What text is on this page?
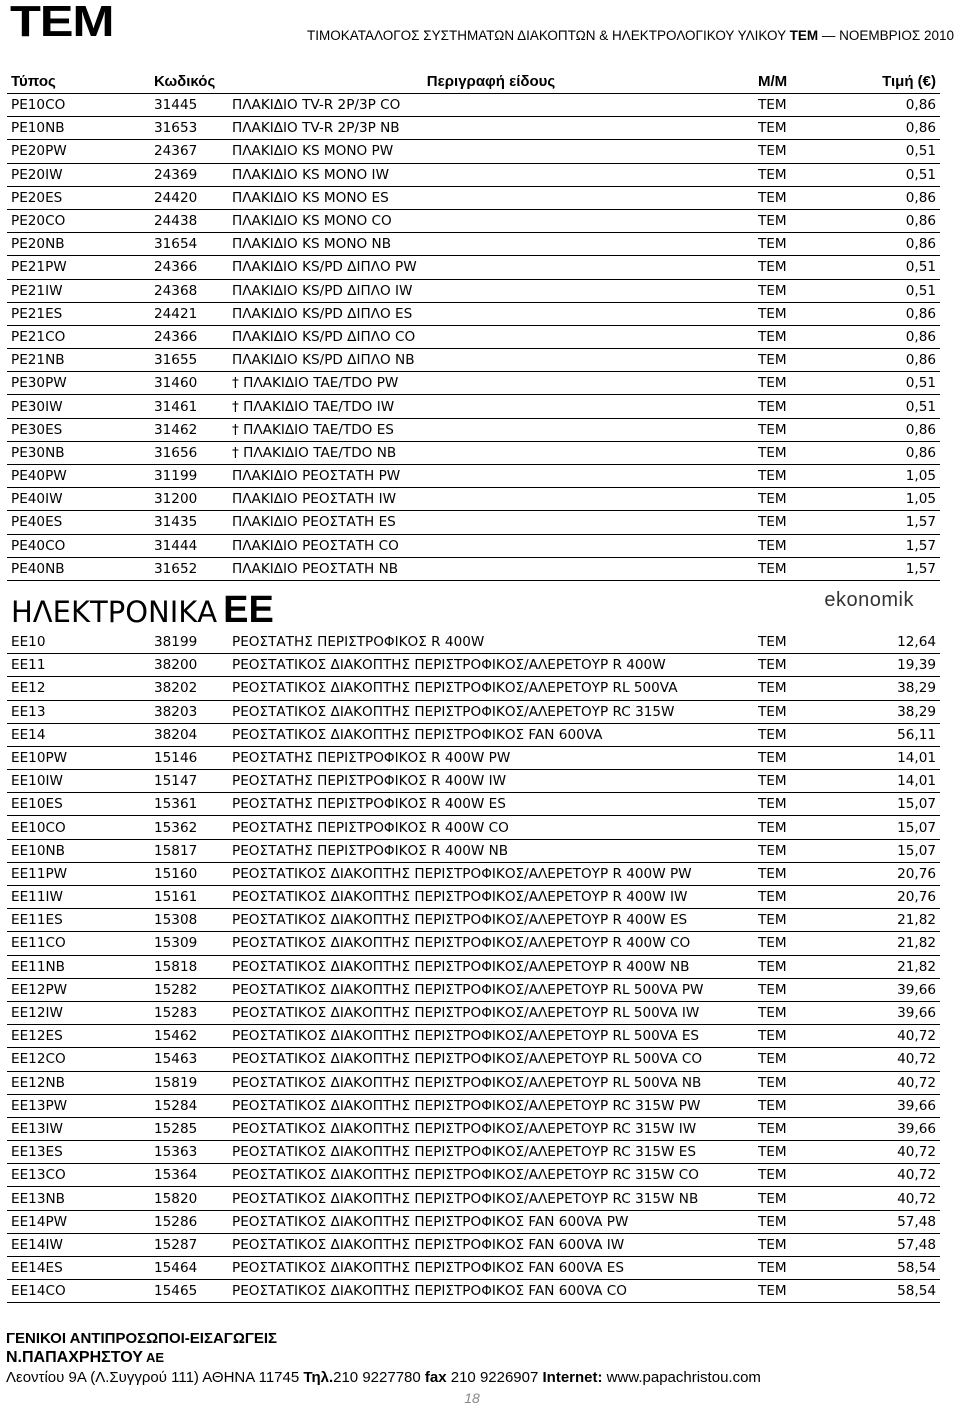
TEM	ΤΙΜΟΚΑΤΑΛΟΓΟΣ ΣΥΣΤΗΜΑΤΩΝ ΔΙΑΚΟΠΤΩΝ & ΗΛΕΚΤΡΟΛΟΓΙΚΟΥ ΥΛΙΚΟΥ TEM — ΝΟΕΜΒΡΙΟΣ 2010
Τύπος	Κωδικός	Περιγραφή είδους	Μ/Μ	Τιμή (€)
PE10CO	31445	ΠΛΑΚΙΔΙΟ TV-R 2P/3P CO	TEM	0,86
PE10NB	31653	ΠΛΑΚΙΔΙΟ TV-R 2P/3P NB	TEM	0,86
PE20PW	24367	ΠΛΑΚΙΔΙΟ KS ΜΟΝΟ PW	TEM	0,51
PE20IW	24369	ΠΛΑΚΙΔΙΟ KS ΜΟΝΟ IW	TEM	0,51
PE20ES	24420	ΠΛΑΚΙΔΙΟ KS ΜΟΝΟ ES	TEM	0,86
PE20CO	24438	ΠΛΑΚΙΔΙΟ KS ΜΟΝΟ CO	TEM	0,86
PE20NB	31654	ΠΛΑΚΙΔΙΟ KS ΜΟΝΟ NB	TEM	0,86
PE21PW	24366	ΠΛΑΚΙΔΙΟ KS/PD ΔΙΠΛΟ PW	TEM	0,51
PE21IW	24368	ΠΛΑΚΙΔΙΟ KS/PD ΔΙΠΛΟ IW	TEM	0,51
PE21ES	24421	ΠΛΑΚΙΔΙΟ KS/PD ΔΙΠΛΟ ES	TEM	0,86
PE21CO	24366	ΠΛΑΚΙΔΙΟ KS/PD ΔΙΠΛΟ CO	TEM	0,86
PE21NB	31655	ΠΛΑΚΙΔΙΟ KS/PD ΔΙΠΛΟ NB	TEM	0,86
PE30PW	31460	† ΠΛΑΚΙΔΙΟ TAE/TDO PW	TEM	0,51
PE30IW	31461	† ΠΛΑΚΙΔΙΟ TAE/TDO IW	TEM	0,51
PE30ES	31462	† ΠΛΑΚΙΔΙΟ TAE/TDO ES	TEM	0,86
PE30NB	31656	† ΠΛΑΚΙΔΙΟ TAE/TDO NB	TEM	0,86
PE40PW	31199	ΠΛΑΚΙΔΙΟ ΡΕΟΣΤΑΤΗ PW	TEM	1,05
PE40IW	31200	ΠΛΑΚΙΔΙΟ ΡΕΟΣΤΑΤΗ IW	TEM	1,05
PE40ES	31435	ΠΛΑΚΙΔΙΟ ΡΕΟΣΤΑΤΗ ES	TEM	1,57
PE40CO	31444	ΠΛΑΚΙΔΙΟ ΡΕΟΣΤΑΤΗ CO	TEM	1,57
PE40NB	31652	ΠΛΑΚΙΔΙΟ ΡΕΟΣΤΑΤΗ NB	TEM	1,57

ΗΛΕΚΤΡΟΝΙΚΑ EE ekonomik				

EE10	38199	ΡΕΟΣΤΑΤΗΣ ΠΕΡΙΣΤΡΟΦΙΚΟΣ R 400W	TEM	12,64
EE11	38200	ΡΕΟΣΤΑΤΙΚΟΣ ΔΙΑΚΟΠΤΗΣ ΠΕΡΙΣΤΡΟΦΙΚΟΣ/ΑΛΕΡΕΤΟΥΡ R 400W	TEM	19,39
EE12	38202	ΡΕΟΣΤΑΤΙΚΟΣ ΔΙΑΚΟΠΤΗΣ ΠΕΡΙΣΤΡΟΦΙΚΟΣ/ΑΛΕΡΕΤΟΥΡ RL 500VA	TEM	38,29
EE13	38203	ΡΕΟΣΤΑΤΙΚΟΣ ΔΙΑΚΟΠΤΗΣ ΠΕΡΙΣΤΡΟΦΙΚΟΣ/ΑΛΕΡΕΤΟΥΡ RC 315W	TEM	38,29
EE14	38204	ΡΕΟΣΤΑΤΙΚΟΣ ΔΙΑΚΟΠΤΗΣ ΠΕΡΙΣΤΡΟΦΙΚΟΣ FAN 600VA	TEM	56,11
EE10PW	15146	ΡΕΟΣΤΑΤΗΣ ΠΕΡΙΣΤΡΟΦΙΚΟΣ R 400W PW	TEM	14,01
EE10IW	15147	ΡΕΟΣΤΑΤΗΣ ΠΕΡΙΣΤΡΟΦΙΚΟΣ R 400W IW	TEM	14,01
EE10ES	15361	ΡΕΟΣΤΑΤΗΣ ΠΕΡΙΣΤΡΟΦΙΚΟΣ R 400W ES	TEM	15,07
EE10CO	15362	ΡΕΟΣΤΑΤΗΣ ΠΕΡΙΣΤΡΟΦΙΚΟΣ R 400W CO	TEM	15,07
EE10NB	15817	ΡΕΟΣΤΑΤΗΣ ΠΕΡΙΣΤΡΟΦΙΚΟΣ R 400W NB	TEM	15,07
EE11PW	15160	ΡΕΟΣΤΑΤΙΚΟΣ ΔΙΑΚΟΠΤΗΣ ΠΕΡΙΣΤΡΟΦΙΚΟΣ/ΑΛΕΡΕΤΟΥΡ R 400W PW	TEM	20,76
EE11IW	15161	ΡΕΟΣΤΑΤΙΚΟΣ ΔΙΑΚΟΠΤΗΣ ΠΕΡΙΣΤΡΟΦΙΚΟΣ/ΑΛΕΡΕΤΟΥΡ R 400W IW	TEM	20,76
EE11ES	15308	ΡΕΟΣΤΑΤΙΚΟΣ ΔΙΑΚΟΠΤΗΣ ΠΕΡΙΣΤΡΟΦΙΚΟΣ/ΑΛΕΡΕΤΟΥΡ R 400W ES	TEM	21,82
EE11CO	15309	ΡΕΟΣΤΑΤΙΚΟΣ ΔΙΑΚΟΠΤΗΣ ΠΕΡΙΣΤΡΟΦΙΚΟΣ/ΑΛΕΡΕΤΟΥΡ R 400W CO	TEM	21,82
EE11NB	15818	ΡΕΟΣΤΑΤΙΚΟΣ ΔΙΑΚΟΠΤΗΣ ΠΕΡΙΣΤΡΟΦΙΚΟΣ/ΑΛΕΡΕΤΟΥΡ R 400W NB	TEM	21,82
EE12PW	15282	ΡΕΟΣΤΑΤΙΚΟΣ ΔΙΑΚΟΠΤΗΣ ΠΕΡΙΣΤΡΟΦΙΚΟΣ/ΑΛΕΡΕΤΟΥΡ RL 500VA PW	TEM	39,66
EE12IW	15283	ΡΕΟΣΤΑΤΙΚΟΣ ΔΙΑΚΟΠΤΗΣ ΠΕΡΙΣΤΡΟΦΙΚΟΣ/ΑΛΕΡΕΤΟΥΡ RL 500VA IW	TEM	39,66
EE12ES	15462	ΡΕΟΣΤΑΤΙΚΟΣ ΔΙΑΚΟΠΤΗΣ ΠΕΡΙΣΤΡΟΦΙΚΟΣ/ΑΛΕΡΕΤΟΥΡ RL 500VA ES	TEM	40,72
EE12CO	15463	ΡΕΟΣΤΑΤΙΚΟΣ ΔΙΑΚΟΠΤΗΣ ΠΕΡΙΣΤΡΟΦΙΚΟΣ/ΑΛΕΡΕΤΟΥΡ RL 500VA CO	TEM	40,72
EE12NB	15819	ΡΕΟΣΤΑΤΙΚΟΣ ΔΙΑΚΟΠΤΗΣ ΠΕΡΙΣΤΡΟΦΙΚΟΣ/ΑΛΕΡΕΤΟΥΡ RL 500VA NB	TEM	40,72
EE13PW	15284	ΡΕΟΣΤΑΤΙΚΟΣ ΔΙΑΚΟΠΤΗΣ ΠΕΡΙΣΤΡΟΦΙΚΟΣ/ΑΛΕΡΕΤΟΥΡ RC 315W PW	TEM	39,66
EE13IW	15285	ΡΕΟΣΤΑΤΙΚΟΣ ΔΙΑΚΟΠΤΗΣ ΠΕΡΙΣΤΡΟΦΙΚΟΣ/ΑΛΕΡΕΤΟΥΡ RC 315W IW	TEM	39,66
EE13ES	15363	ΡΕΟΣΤΑΤΙΚΟΣ ΔΙΑΚΟΠΤΗΣ ΠΕΡΙΣΤΡΟΦΙΚΟΣ/ΑΛΕΡΕΤΟΥΡ RC 315W ES	TEM	40,72
EE13CO	15364	ΡΕΟΣΤΑΤΙΚΟΣ ΔΙΑΚΟΠΤΗΣ ΠΕΡΙΣΤΡΟΦΙΚΟΣ/ΑΛΕΡΕΤΟΥΡ RC 315W CO	TEM	40,72
EE13NB	15820	ΡΕΟΣΤΑΤΙΚΟΣ ΔΙΑΚΟΠΤΗΣ ΠΕΡΙΣΤΡΟΦΙΚΟΣ/ΑΛΕΡΕΤΟΥΡ RC 315W NB	TEM	40,72
EE14PW	15286	ΡΕΟΣΤΑΤΙΚΟΣ ΔΙΑΚΟΠΤΗΣ ΠΕΡΙΣΤΡΟΦΙΚΟΣ FAN 600VA PW	TEM	57,48
EE14IW	15287	ΡΕΟΣΤΑΤΙΚΟΣ ΔΙΑΚΟΠΤΗΣ ΠΕΡΙΣΤΡΟΦΙΚΟΣ FAN 600VA IW	TEM	57,48
EE14ES	15464	ΡΕΟΣΤΑΤΙΚΟΣ ΔΙΑΚΟΠΤΗΣ ΠΕΡΙΣΤΡΟΦΙΚΟΣ FAN 600VA ES	TEM	58,54
EE14CO	15465	ΡΕΟΣΤΑΤΙΚΟΣ ΔΙΑΚΟΠΤΗΣ ΠΕΡΙΣΤΡΟΦΙΚΟΣ FAN 600VA CO	TEM	58,54
ΓΕΝΙΚΟΙ ΑΝΤΙΠΡΟΣΩΠΟΙ-ΕΙΣΑΓΩΓΕΙΣ
Ν.ΠΑΠΑΧΡΗΣΤΟΥ ΑΕ
Λεοντίου 9Α (Λ.Συγγρού 111) ΑΘΗΝΑ 11745 Τηλ.210 9227780 fax 210 9226907 Internet: www.papachristou.com
18
